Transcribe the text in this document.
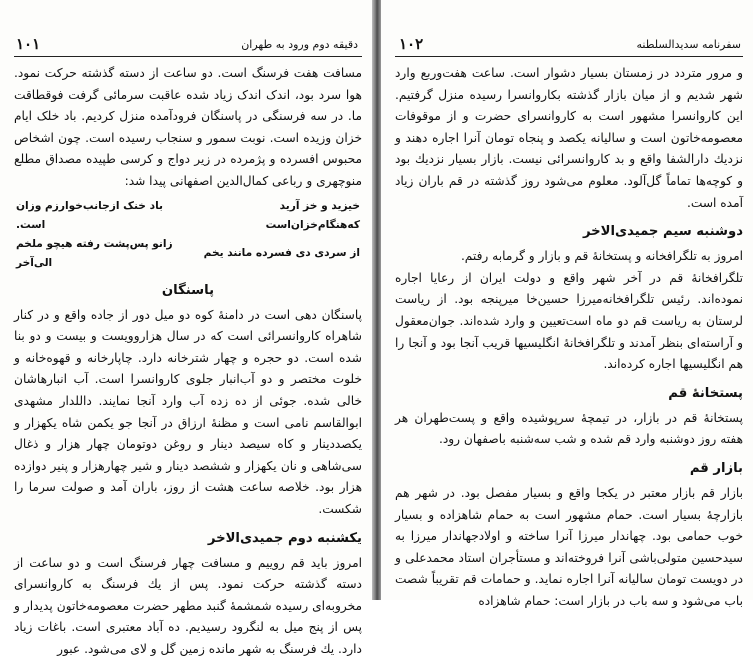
دقیقه دوم ورود به طهران
۱۰۱

مسافت هفت فرسنگ است. دو ساعت از دسته گذشته حرکت نمود. هوا سرد بود، اندک اندک زیاد شده عاقبت سرمائی گرفت فوقطاقت ما. در سه فرسنگی در پاسنگان فرودآمده منزل کردیم. باد خلک ایام خزان وزیده است. نوبت سمور و سنجاب رسیده است. چون اشخاص محبوس افسرده و پژمرده در زیر دواج و کرسی طپیده مصداق مطلع منوچهری و رباعی کمال‌الدین اصفهانی پیدا شد:

خیزید و خز آرید که‌هنگام‌خزان‌است	باد خنک ازجانب‌خوارزم وزان است.
از سردی دی فسرده مانند یخم	زانو پس‌پشت رفته هیچو ملخم الی‌آخر
پاسنگان

پاسنگان دهی است در دامنهٔ کوه دو میل دور از جاده واقع و در کنار شاهراه کاروانسرائی است که در سال هزاروویست و بیست و دو بنا شده است. دو حجره و چهار شترخانه دارد. چاپارخانه و قهوه‌خانه و خلوت مختصر و دو آب‌انبار جلوی کاروانسرا است. آب انبارهاشان خالی شده. جوئی از ده زده آب وارد آنجا نمایند. داللدار مشهدی ابوالقاسم نامی است و مظنهٔ ارزاق در آنجا جو یکمن شاه یکهزار و یکصددینار و کاه سیصد دینار و روغن دوتومان چهار هزار و ذغال سی‌شاهی و نان یکهزار و ششصد دینار و شیر چهارهزار و پنیر دوازده هزار بود. خلاصه ساعت هشت از روز، باران آمد و صولت سرما را شکست.

یکشنبه دوم جمیدی‌الاخر

امروز باید قم روییم و مسافت چهار فرسنگ است و دو ساعت از دسته گذشته حرکت نمود. پس از یك فرسنگ به کاروانسرای مخروبه‌ای رسیده شمشمهٔ گنبد مطهر حضرت معصومه‌خاتون پدیدار و پس از پنج میل به لنگرود رسیدیم. ده آباد معتبری است. باغات زیاد دارد. یك فرسنگ به شهر مانده زمین گل و لای می‌شود. عبور

سفرنامه سدیدالسلطنه
۱۰۲

و مرور متردد در زمستان بسیار دشوار است. ساعت هفت‌وربع وارد شهر شدیم و از میان بازار گذشته بکاروانسرا رسیده منزل گرفتیم. این کاروانسرا مشهور است به کاروانسرای حضرت و از موقوفات معصومه‌خاتون است و سالیانه یکصد و پنجاه تومان آنرا اجاره دهند و نزدیك دارالشفا واقع و بد کاروانسرائی نیست. بازار بسیار نزدیك بود و کوچه‌ها تماماً گل‌آلود. معلوم می‌شود روز گذشته در قم باران زیاد آمده است.

دوشنبه سیم جمیدی‌الاخر

امروز به تلگرافخانه و پستخانهٔ قم و بازار و گرمابه رفتم.

تلگرافخانهٔ قم در آخر شهر واقع و دولت ایران از رعایا اجاره نموده‌اند. رئیس تلگرافخانه‌میرزا حسین‌خا میرپنجه بود. از ریاست لرستان به ریاست قم دو ماه است‌تعیین و وارد شده‌اند. جوان‌معقول و آراسته‌ای بنظر آمدند و تلگرافخانهٔ انگلیسیها قریب آنجا بود و آنجا را هم انگلیسیها اجاره کرده‌اند.

پستخانهٔ قم

پستخانهٔ قم در بازار، در تیمچهٔ سرپوشیده واقع و پست‌طهران هر هفته روز دوشنبه وارد قم شده و شب سه‌شنبه باصفهان رود.

بازار قم

بازار قم بازار معتبر در یکجا واقع و بسیار مفصل بود. در شهر هم بازارچهٔ بسیار است. حمام مشهور است به حمام شاهزاده و بسیار خوب حمامی بود. چهاندار میرزا آنرا ساخته و اولادجهاندار میرزا به سیدحسین متولی‌باشی آنرا فروخته‌اند و مستأجران استاد محمدعلی و در دویست تومان سالیانه آنرا اجاره نماید. و حمامات قم تقریباً شصت باب می‌شود و سه باب در بازار است: حمام شاهزاده
